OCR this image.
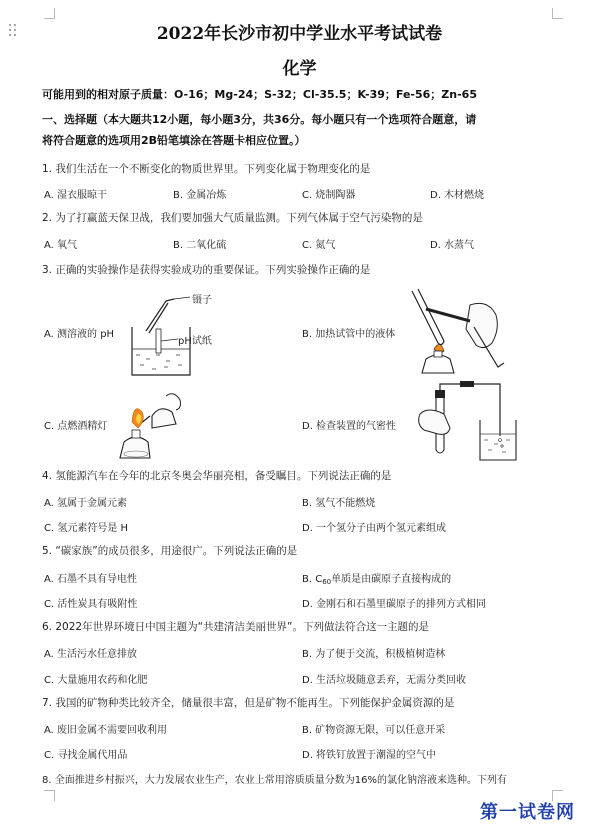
2022年长沙市初中学业水平考试试卷
化学
可能用到的相对原子质量：O-16；Mg-24；S-32；Cl-35.5；K-39；Fe-56；Zn-65
一、选择题（本大题共12小题，每小题3分，共36分。每小题只有一个选项符合题意，请
将符合题意的选项用2B铅笔填涂在答题卡相应位置。）
1. 我们生活在一个不断变化的物质世界里。下列变化属于物理变化的是
A. 湿衣服晾干	B. 金属冶炼	C. 烧制陶器	D. 木材燃烧
2. 为了打赢蓝天保卫战，我们要加强大气质量监测。下列气体属于空气污染物的是
A. 氧气	B. 二氧化硫	C. 氮气	D. 水蒸气
3. 正确的实验操作是获得实验成功的重要保证。下列实验操作正确的是
A. 测溶液的 pH
镊子
pH试纸
B. 加热试管中的液体
C. 点燃酒精灯	D. 检查装置的气密性
4. 氢能源汽车在今年的北京冬奥会华丽亮相，备受瞩目。下列说法正确的是
A. 氢属于金属元素	B. 氢气不能燃烧
C. 氢元素符号是 H	D. 一个氢分子由两个氢元素组成
5. “碳家族”的成员很多，用途很广。下列说法正确的是
A. 石墨不具有导电性	B. $C_{60}$单质是由碳原子直接构成的
C. 活性炭具有吸附性	D. 金刚石和石墨里碳原子的排列方式相同
6. 2022年世界环境日中国主题为“共建清洁美丽世界”。下列做法符合这一主题的是
A. 生活污水任意排放	B. 为了便于交流，积极植树造林
C. 大量施用农药和化肥	D. 生活垃圾随意丢弃，无需分类回收
7. 我国的矿物种类比较齐全，储量很丰富，但是矿物不能再生。下列能保护金属资源的是
A. 废旧金属不需要回收利用	B. 矿物资源无限，可以任意开采
C. 寻找金属代用品	D. 将铁钉放置于潮湿的空气中
8. 全面推进乡村振兴，大力发展农业生产，农业上常用溶质质量分数为16%的氯化钠溶液来选种。下列有
第一试卷网
